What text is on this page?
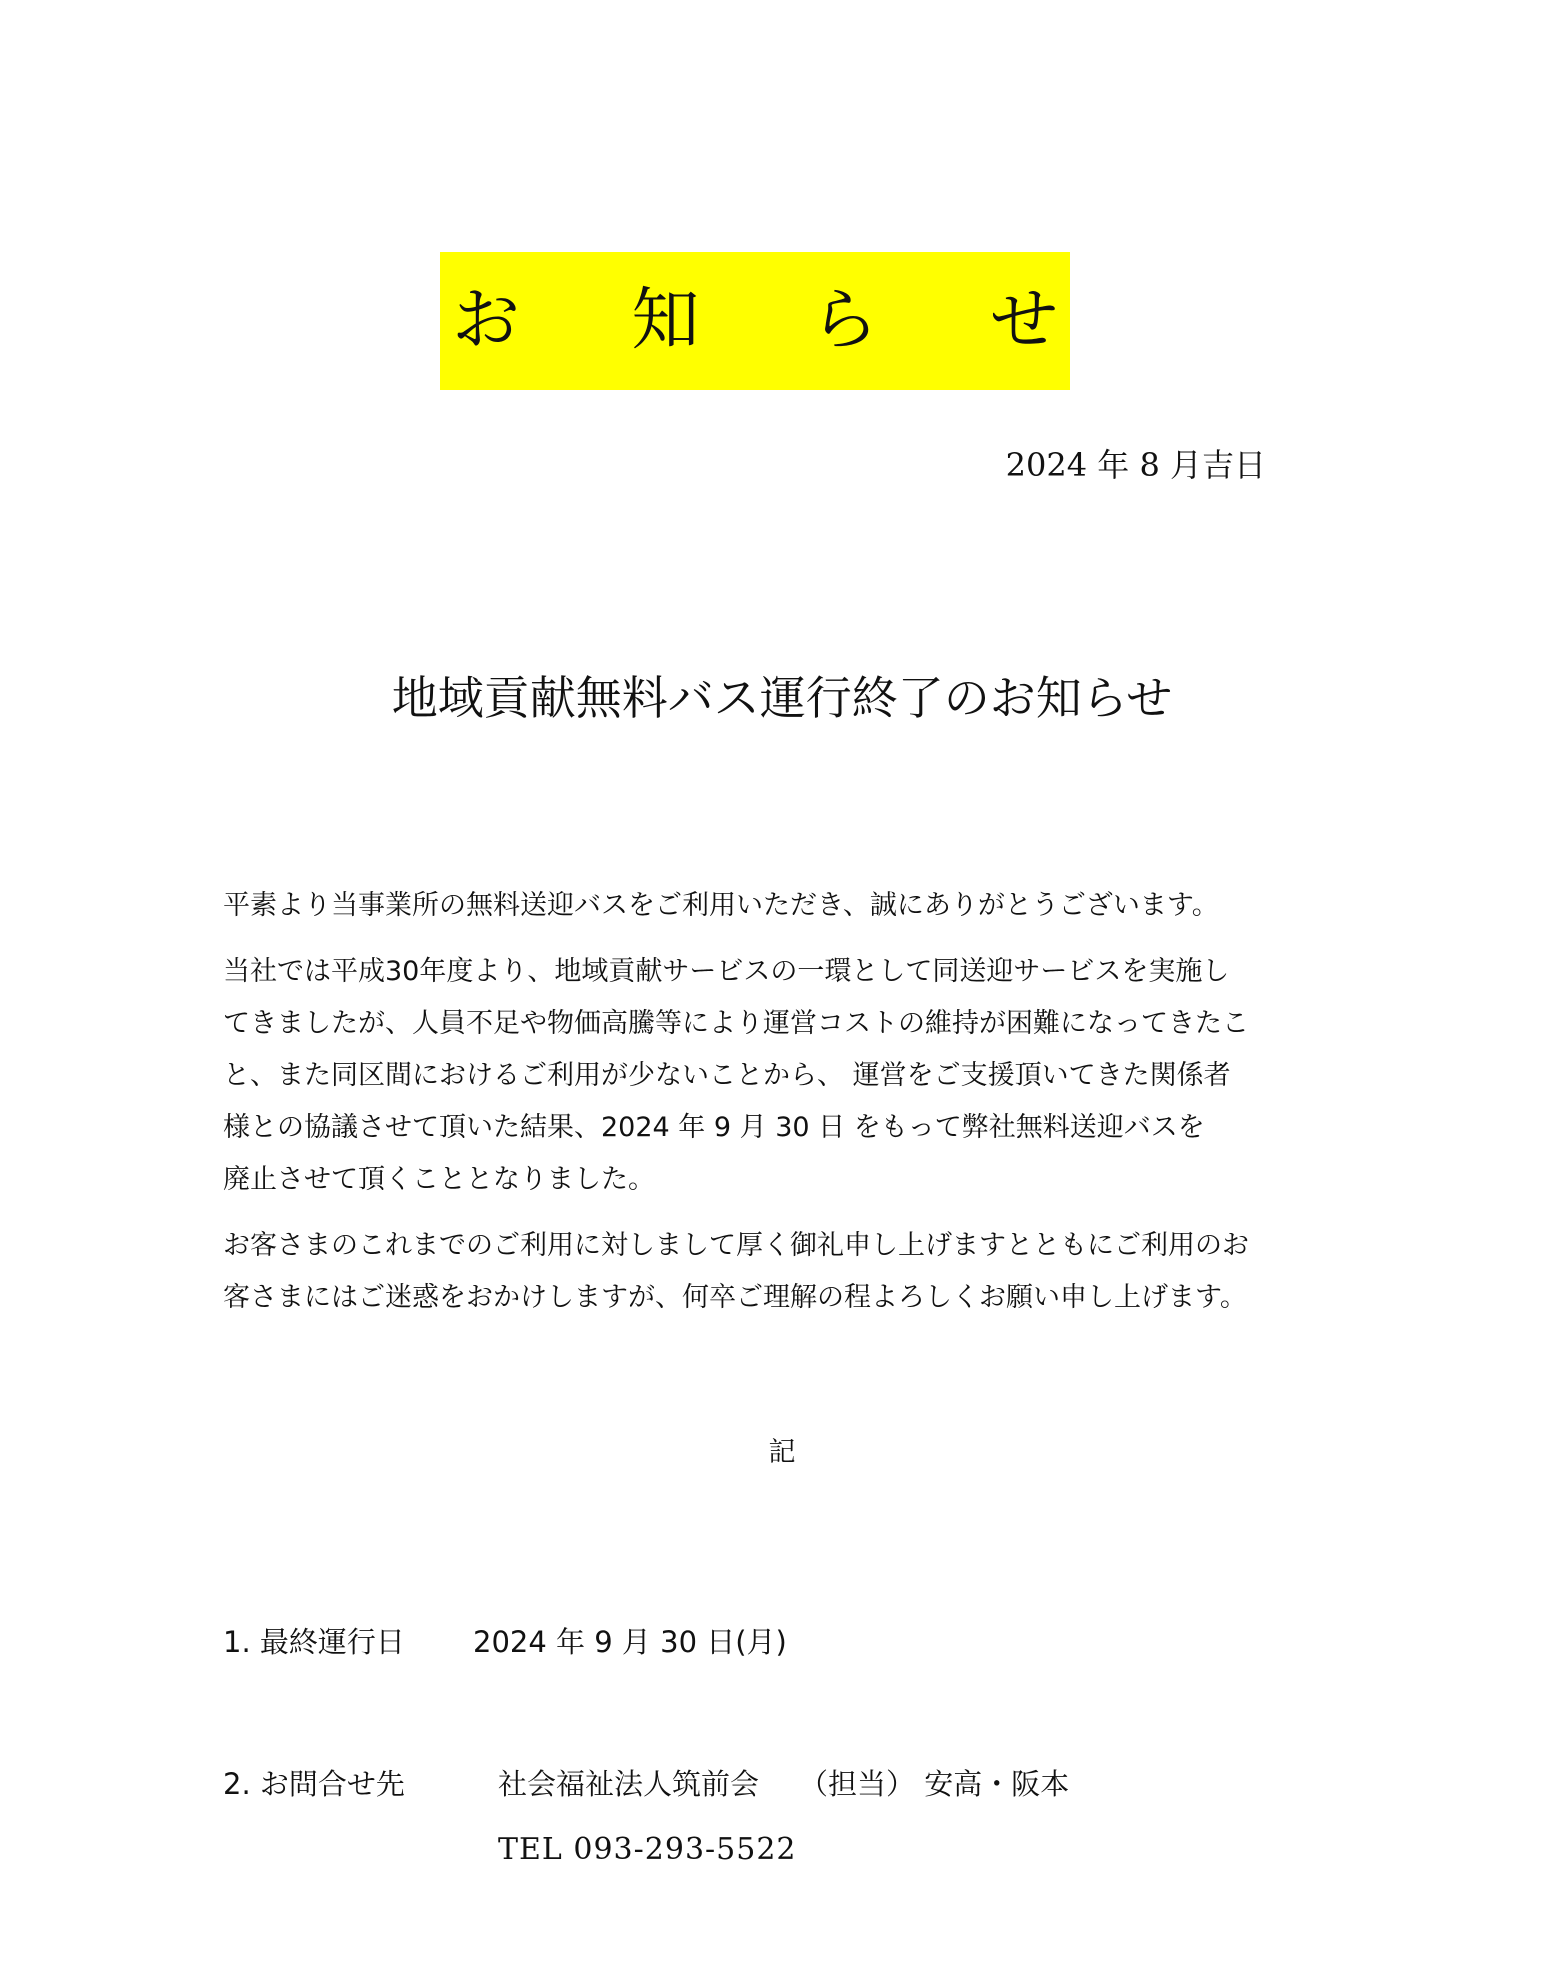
お 知 ら せ
2024 年 8 月吉日
地域貢献無料バス運行終了のお知らせ

平素より当事業所の無料送迎バスをご利用いただき、誠にありがとうございます。

当社では平成30年度より、地域貢献サービスの一環として同送迎サービスを実施し
てきましたが、人員不足や物価高騰等により運営コストの維持が困難になってきたこ
と、また同区間におけるご利用が少ないことから、 運営をご支援頂いてきた関係者
様との協議させて頂いた結果、2024 年 9 月 30 日 をもって弊社無料送迎バスを
廃止させて頂くこととなりました。

お客さまのこれまでのご利用に対しまして厚く御礼申し上げますとともにご利用のお
客さまにはご迷惑をおかけしますが、何卒ご理解の程よろしくお願い申し上げます。

記
1. 最終運行日 2024 年 9 月 30 日(月)
2. お問合せ先	社会福祉法人筑前会 （担当） 安高・阪本
TEL 093-293-5522
